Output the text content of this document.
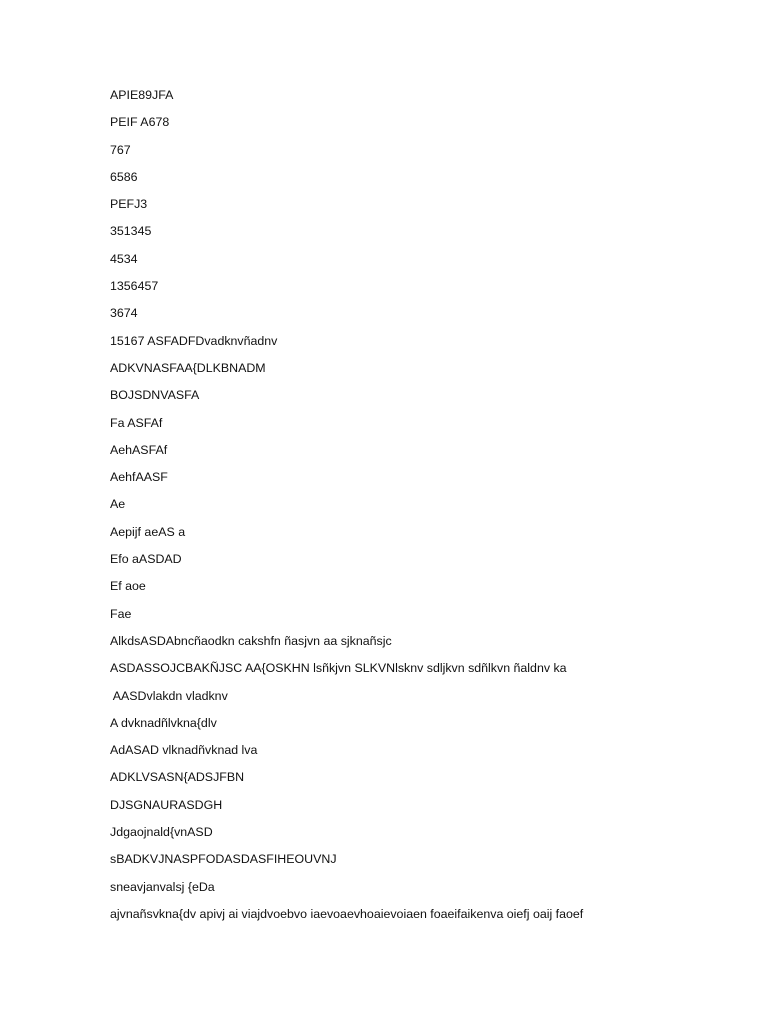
APIE89JFA
PEIF A678
767
6586
PEFJ3
351345
4534
1356457
3674
15167 ASFADFDvadknvñadnv
ADKVNASFAA{DLKBNADM
BOJSDNVASFA
Fa ASFAf
AehASFAf
AehfAASF
Ae
Aepijf aeAS a
Efo aASDAD
Ef aoe
Fae
AlkdsASDAbncñaodkn cakshfn ñasjvn aa sjknañsjc
ASDASSOJCBAKÑJSC AA{OSKHN lsñkjvn SLKVNlsknv sdljkvn sdñlkvn ñaldnv ka
AASDvlakdn vladknv
A dvknadñlvkna{dlv
AdASAD vlknadñvknad lva
ADKLVSASN{ADSJFBN
DJSGNAURASDGH
Jdgaojnald{vnASD
sBADKVJNASPFODASDASFIHEOUVNJ
sneavjanvalsj {eDa
ajvnañsvkna{dv apivj ai viajdvoebvo iaevoaevhoaievoiaen foaeifaikenva oiefj oaij faoef
